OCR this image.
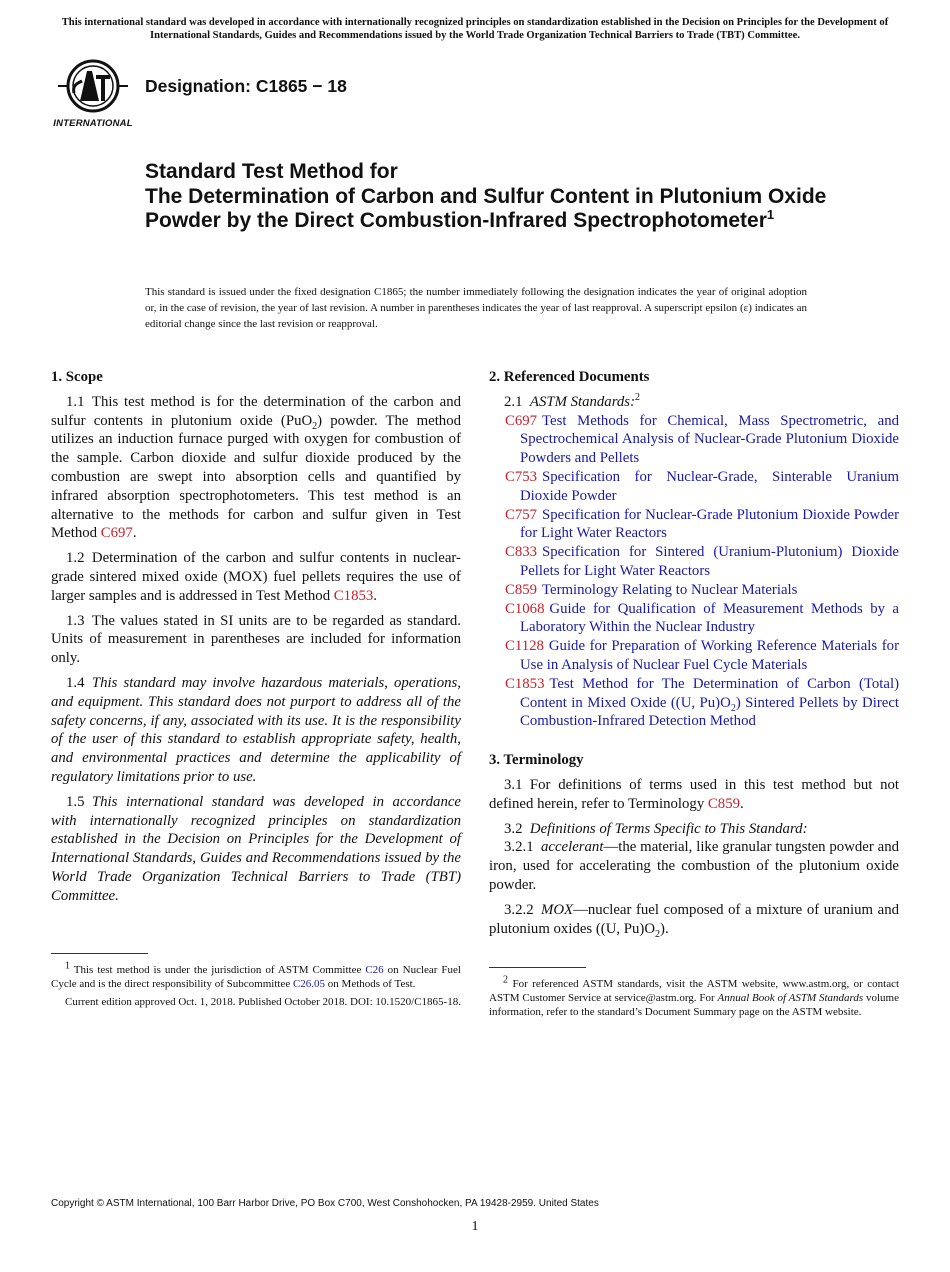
This international standard was developed in accordance with internationally recognized principles on standardization established in the Decision on Principles for the Development of International Standards, Guides and Recommendations issued by the World Trade Organization Technical Barriers to Trade (TBT) Committee.
INTERNATIONAL
Designation: C1865 − 18
Standard Test Method for
The Determination of Carbon and Sulfur Content in Plutonium Oxide Powder by the Direct Combustion-Infrared Spectrophotometer$^1$
This standard is issued under the fixed designation C1865; the number immediately following the designation indicates the year of original adoption or, in the case of revision, the year of last revision. A number in parentheses indicates the year of last reapproval. A superscript epsilon (ε) indicates an editorial change since the last revision or reapproval.
1. Scope
1.1  This test method is for the determination of the carbon and sulfur contents in plutonium oxide (PuO$_2$) powder. The method utilizes an induction furnace purged with oxygen for combustion of the sample. Carbon dioxide and sulfur dioxide produced by the combustion are swept into absorption cells and quantified by infrared absorption spectrophotometers. This test method is an alternative to the methods for carbon and sulfur given in Test Method C697.
1.2  Determination of the carbon and sulfur contents in nuclear-grade sintered mixed oxide (MOX) fuel pellets requires the use of larger samples and is addressed in Test Method C1853.
1.3  The values stated in SI units are to be regarded as standard. Units of measurement in parentheses are included for information only.
1.4  This standard may involve hazardous materials, operations, and equipment. This standard does not purport to address all of the safety concerns, if any, associated with its use. It is the responsibility of the user of this standard to establish appropriate safety, health, and environmental practices and determine the applicability of regulatory limitations prior to use.
1.5  This international standard was developed in accordance with internationally recognized principles on standardization established in the Decision on Principles for the Development of International Standards, Guides and Recommendations issued by the World Trade Organization Technical Barriers to Trade (TBT) Committee.
2. Referenced Documents
2.1  ASTM Standards:$^2$
C697  Test Methods for Chemical, Mass Spectrometric, and Spectrochemical Analysis of Nuclear-Grade Plutonium Dioxide Powders and Pellets
C753  Specification for Nuclear-Grade, Sinterable Uranium Dioxide Powder
C757  Specification for Nuclear-Grade Plutonium Dioxide Powder for Light Water Reactors
C833  Specification for Sintered (Uranium-Plutonium) Dioxide Pellets for Light Water Reactors
C859  Terminology Relating to Nuclear Materials
C1068  Guide for Qualification of Measurement Methods by a Laboratory Within the Nuclear Industry
C1128  Guide for Preparation of Working Reference Materials for Use in Analysis of Nuclear Fuel Cycle Materials
C1853  Test Method for The Determination of Carbon (Total) Content in Mixed Oxide ((U, $Pu)O_2$) Sintered Pellets by Direct Combustion-Infrared Detection Method
3. Terminology
3.1  For definitions of terms used in this test method but not defined herein, refer to Terminology C859.
3.2  Definitions of Terms Specific to This Standard:
3.2.1  accelerant—the material, like granular tungsten powder and iron, used for accelerating the combustion of the plutonium oxide powder.
3.2.2  MOX—nuclear fuel composed of a mixture of uranium and plutonium oxides ((U, $Pu)O_2$).

$^1$ This test method is under the jurisdiction of ASTM Committee C26 on Nuclear Fuel Cycle and is the direct responsibility of Subcommittee C26.05 on Methods of Test.

Current edition approved Oct. 1, 2018. Published October 2018. DOI: 10.1520/C1865-18.

$^2$ For referenced ASTM standards, visit the ASTM website, www.astm.org, or contact ASTM Customer Service at service@astm.org. For Annual Book of ASTM Standards volume information, refer to the standard’s Document Summary page on the ASTM website.

Copyright © ASTM International, 100 Barr Harbor Drive, PO Box C700, West Conshohocken, PA 19428-2959. United States
1
